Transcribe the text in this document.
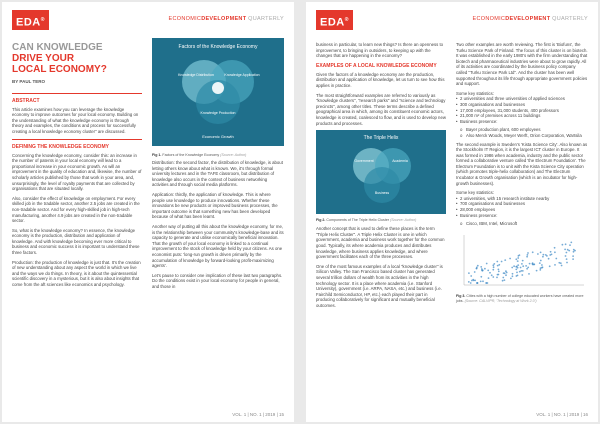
EDA®	ECONOMICDEVELOPMENT QUARTERLY
CAN KNOWLEDGE
DRIVE YOUR
LOCAL ECONOMY?
BY PAUL TERO
ABSTRACT

This article examines how you can leverage the knowledge economy to improve outcomes for your local economy. Building on the understanding of what the knowledge economy is through theory and examples, the conditions and process for successfully creating a local knowledge economy cluster" are discussed.

DEFINING THE KNOWLEDGE ECONOMY

Concerning the knowledge economy, consider this: an increase in the number of patents in your local economy will lead to a proportional increase in your economic growth. As will an improvement in the quality of education and, likewise, the number of scholarly articles published by those that work in your area, and, unsurprisingly, the level of royalty payments that are collected by organisations that are situated locally.

Also, consider the effect of knowledge on employment. For every skilled job in the tradable sector, another 2.5 jobs are created in the non-tradable sector. And for every high-skilled job in high-tech manufacturing, another 4.9 jobs are created in the non-tradable sector.

So, what is the knowledge economy? In essence, the knowledge economy is the production, distribution and application of knowledge. And with knowledge becoming ever more critical to business and economic success it is important to understand these three factors.

Production: the production of knowledge is just that. It's the creation of new understanding about any aspect the world in which we live and the ways we do things. In theory, is it about the quintessential scientific discovery in a mysterious, but it is also about insights that come from the aft sciences like economics and psychology.

Factors of the Knowledge Economy
Knowledge Distribution	Knowledge Application
Knowledge Production
Economic Growth
Fig 1. Factors of the Knowledge Economy (Source: Author)

Distribution: the second factor, the distribution of knowledge, is about letting others know about what is known. We, it's through formal university lectures and in the TAFE classroom, but distribution of knowledge also occurs in the context of business networking activities and through social media platforms.

Application: thirdly, the application of knowledge. This is where people use knowledge to produce innovations. Whether these innovations be new products or improved business processes, the important outcome is that something new has been developed because of what has been learnt.

Another way of putting all this about the knowledge economy, for me, is the relationship between your community's knowledge-base and its capacity to generate and utilise economically beneficial innovation. That the growth of your local economy is linked to a continual improvement to the stock of knowledge held by your citizens. As one economist puts: 'long-run growth is driven primarily by the accumulation of knowledge by forward-looking profit-maximizing agents'.

Let's pause to consider one implication of these last two paragraphs. Do the conditions exist in your local economy for people in general, and those in

VOL. 1 | NO. 1 | 2019 | 15
EDA®	ECONOMICDEVELOPMENT QUARTERLY

business in particular, to learn new things? Is there an openness to improvement, to bringing in outsiders, to keeping up with the changes that are happening in the economy?

EXAMPLES OF A LOCAL KNOWLEDGE ECONOMY

Given the factors of a knowledge economy are the production, distribution and application of knowledge, let us turn to see how this applies in practice.

The most straightforward examples are referred to variously as "knowledge clusters", "research parks" and "science and technology precincts", among other titles. These terms describe a defined geographical area in which, among its constituent economic actors, knowledge is created, coalesced to flow, and is used to develop new products and processes.

The Triple Helix
Government	Academia
Business
Fig 2. Components of The Triple Helix Cluster (Source: Author)

Another concept that is used to define these places is the term "Triple Helix Cluster". A Triple Helix Cluster is one in which government, academia and business work together for the common good. Typically, its where academia produces and distributes knowledge, where business applies knowledge, and where government facilitates each of the three processes.

One of the most famous examples of a local "knowledge cluster" is Silicon Valley. The San Francisco based cluster has generated several trillion dollars of wealth from its activities in the high technology sector. It is a place where academia (i.e. Stanford University), government (i.e. ARPA, NASA, etc.) and business (i.e. Fairchild Semiconductor, HP, etc.) each played their part in producing collaboratively for significant and mutually beneficial outcomes.

Two other examples are worth reviewing. The first is 'Biofuns', the Turku Science Park of Finland. The focus of this cluster is on biotech. It was established in the early 1980's with the firm understanding that biotech and pharmaceutical industries were about to grow rapidly. All of its activities are coordinated by the business policy company called "Turku Science Park Ltd". And the cluster has been well supported throughout its life through appropriate government policies and support.

Some key statistics:
• 2 universities and three universities of applied sciences
• 300 organisations and businesses
• 17,000 employees, 31,000 students, 400 professors
• 21,000 m² of premises across 11 buildings
• Business presence:
o Bayer production plant, 600 employees
o Also Merck Woods, Meyer Werft, Orion Corporation, Wartsila

The second example is Sweden's 'Kista Science City'. Also known as the Stockholm IT Region, it is the largest ICT cluster in Europe. It was formed in 1986 when academia, industry and the public sector formed a collaborative venture called 'the Electrum Foundation'. The Electrum Foundation is to unit with the Kista Science City operation (which promotes triple-helix collaboration) and The Electrum Incubator & Growth organisation (which is an incubator for high-growth businesses).

Some key statistics:
• 2 universities, with 15 research institute nearby
• 700 organisations and businesses
• 28,000 employees
• Business presence:
o Cisco, IBM, Intel, Microsoft
Fig 3. Cities with a high number of college educated workers have created more jobs. (Source: CALVIPR, 'Technology at Work 2.0')
VOL. 1 | NO. 1 | 2019 | 16
